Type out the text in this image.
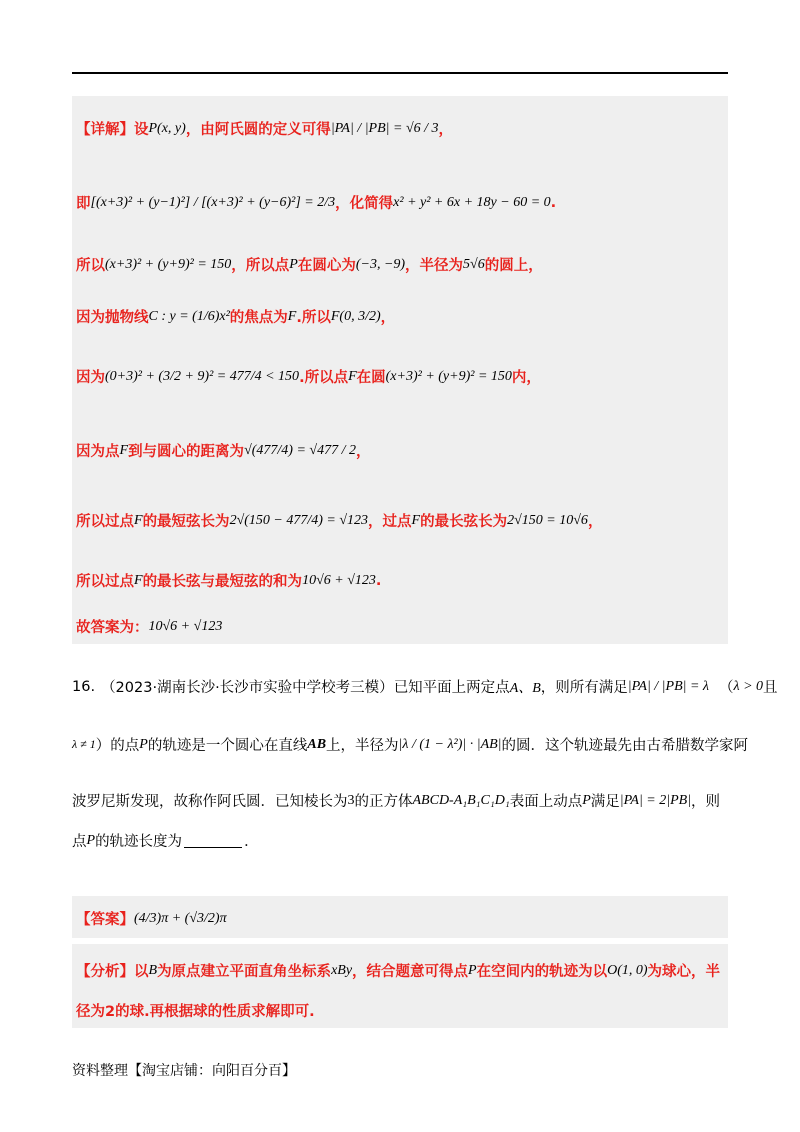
【详解】设 P(x, y) ，由阿氏圆的定义可得 |PA| / |PB| = √6 / 3 ，
即 [(x+3)² + (y−1)²] / [(x+3)² + (y−6)²] = 2/3 ，化简得 x² + y² + 6x + 18y − 60 = 0 .
所以 (x+3)² + (y+9)² = 150 ，所以点 P 在圆心为 (−3, −9) ，半径为 5√6 的圆上，
因为抛物线 C : y = (1/6)x² 的焦点为 F .所以 F(0, 3/2) ，
因为 (0+3)² + (3/2 + 9)² = 477/4 < 150 .所以点 F 在圆 (x+3)² + (y+9)² = 150 内，
因为点 F 到与圆心的距离为 √(477/4) = √477 / 2 ，
所以过点 F 的最短弦长为 2√(150 − 477/4) = √123 ，过点 F 的最长弦长为 2√150 = 10√6 ，
所以过点 F 的最长弦与最短弦的和为 10√6 + √123 .
故答案为： 10√6 + √123
16. （2023·湖南长沙·长沙市实验中学校考三模） 已知平面上两定点 A、B ，则所有满足 |PA| / |PB| = λ （ λ > 0 且
λ ≠ 1 ）的点 P 的轨迹是一个圆心在直线 AB 上，半径为 |λ / (1 − λ²)| · |AB| 的圆．这个轨迹最先由古希腊数学家阿
波罗尼斯发现，故称作阿氏圆．已知棱长为 3 的正方体 ABCD-A₁B₁C₁D₁ 表面上动点 P 满足 |PA| = 2|PB| ，则
点 P 的轨迹长度为	．
【答案】 (4/3)π + (√3/2)π
【分析】以 B 为原点建立平面直角坐标系 xBy ，结合题意可得点 P 在空间内的轨迹为以 O(1, 0) 为球心，半
径为2的球.再根据球的性质求解即可.
资料整理【淘宝店铺：向阳百分百】
